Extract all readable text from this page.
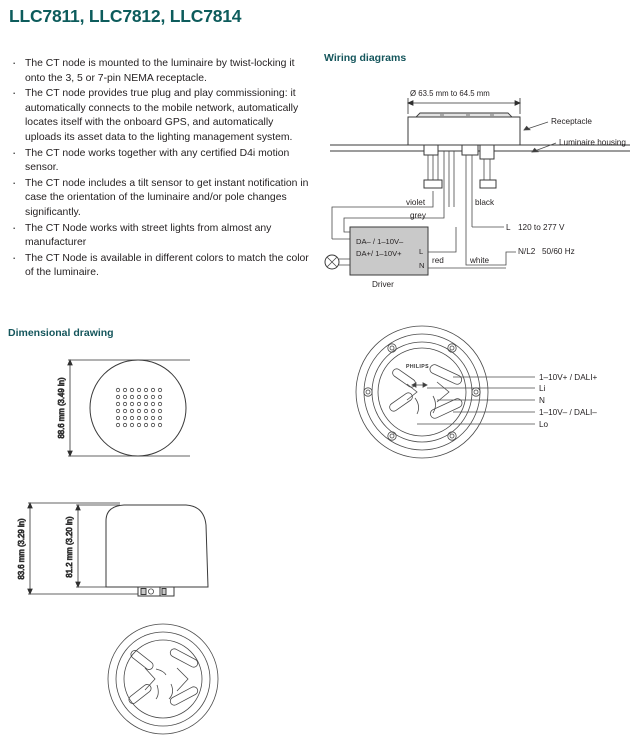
LLC7811, LLC7812, LLC7814
· The CT node is mounted to the luminaire by twist-locking it onto the 3, 5 or 7-pin NEMA receptacle.
· The CT node provides true plug and play commissioning: it automatically connects to the mobile network, automatically locates itself with the onboard GPS, and automatically uploads its asset data to the lighting management system.
· The CT node works together with any certified D4i motion sensor.
· The CT node includes a tilt sensor to get instant notification in case the orientation of the luminaire and/or pole changes significantly.
· The CT Node works with street lights from almost any manufacturer
· The CT Node is available in different colors to match the color of the luminaire.
Wiring diagrams
Ø 63.5 mm to 64.5 mm
Receptacle
Luminaire housing
violet
grey
black
L 120 to 277 V
white
N/L2 50/60 Hz
red
DA– / 1–10V–
DA+/ 1–10V+ L
N
Driver
PHILIPS
1–10V+ / DALI+
Li
N
1–10V– / DALI–
Lo
Dimensional drawing
88.6 mm (3.49 in)
83.6 mm (3.29 in)	81.2 mm (3.20 in)
